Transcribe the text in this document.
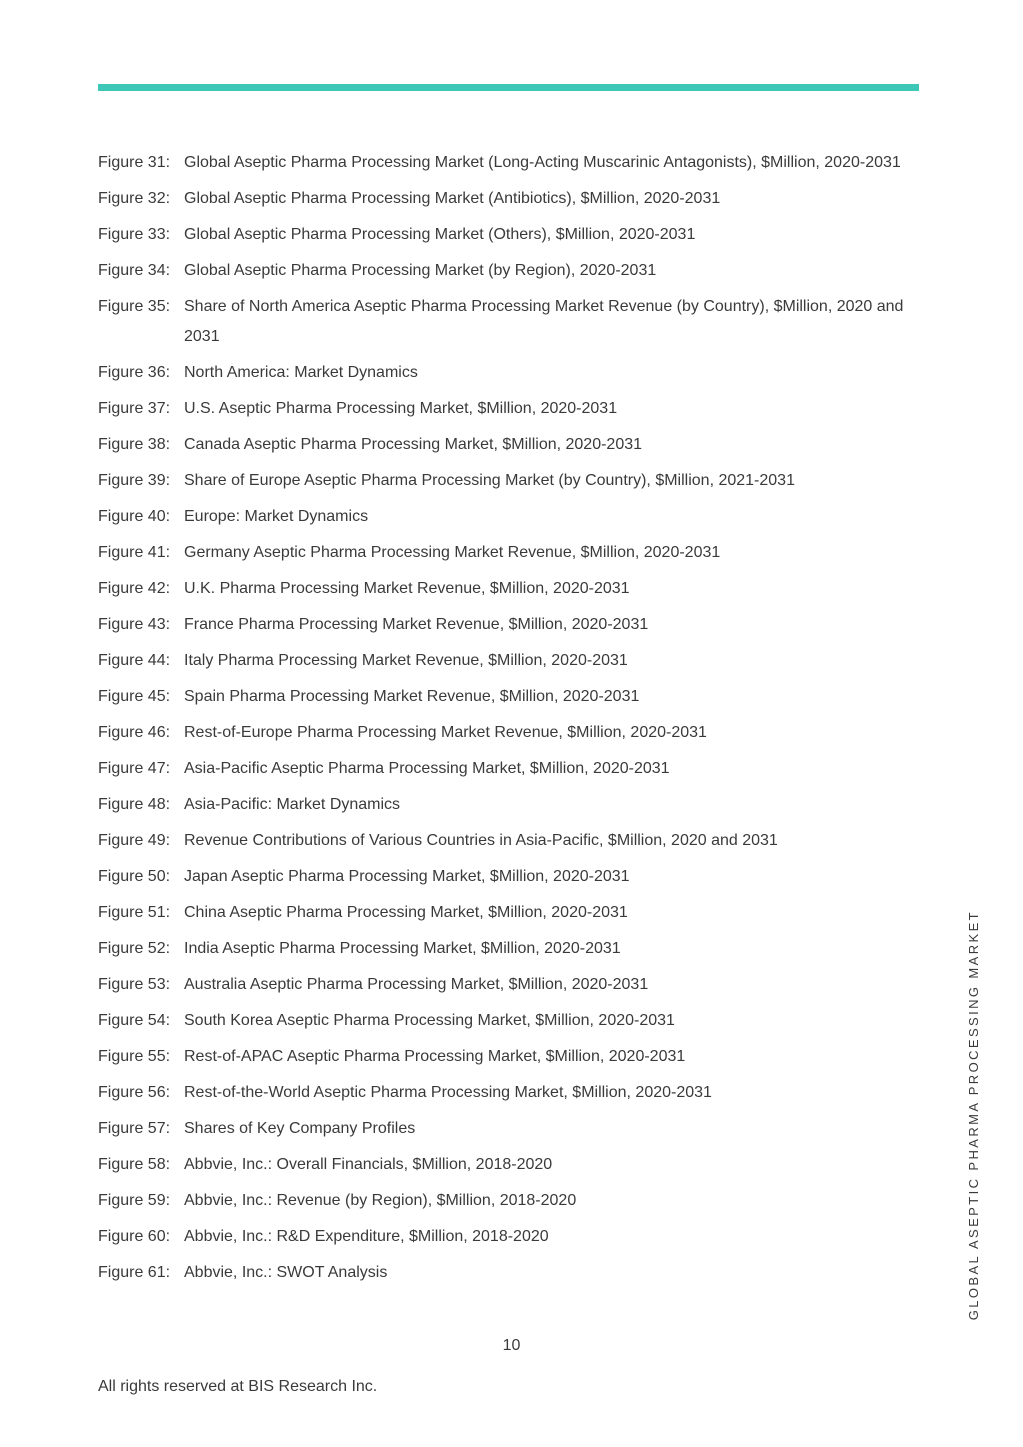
Figure 31: Global Aseptic Pharma Processing Market (Long-Acting Muscarinic Antagonists), $Million, 2020-2031
Figure 32: Global Aseptic Pharma Processing Market (Antibiotics), $Million, 2020-2031
Figure 33: Global Aseptic Pharma Processing Market (Others), $Million, 2020-2031
Figure 34: Global Aseptic Pharma Processing Market (by Region), 2020-2031
Figure 35: Share of North America Aseptic Pharma Processing Market Revenue (by Country), $Million, 2020 and 2031
Figure 36: North America: Market Dynamics
Figure 37: U.S. Aseptic Pharma Processing Market, $Million, 2020-2031
Figure 38: Canada Aseptic Pharma Processing Market, $Million, 2020-2031
Figure 39: Share of Europe Aseptic Pharma Processing Market (by Country), $Million, 2021-2031
Figure 40: Europe: Market Dynamics
Figure 41: Germany Aseptic Pharma Processing Market Revenue, $Million, 2020-2031
Figure 42: U.K. Pharma Processing Market Revenue, $Million, 2020-2031
Figure 43: France Pharma Processing Market Revenue, $Million, 2020-2031
Figure 44: Italy Pharma Processing Market Revenue, $Million, 2020-2031
Figure 45: Spain Pharma Processing Market Revenue, $Million, 2020-2031
Figure 46: Rest-of-Europe Pharma Processing Market Revenue, $Million, 2020-2031
Figure 47: Asia-Pacific Aseptic Pharma Processing Market, $Million, 2020-2031
Figure 48: Asia-Pacific: Market Dynamics
Figure 49: Revenue Contributions of Various Countries in Asia-Pacific, $Million, 2020 and 2031
Figure 50: Japan Aseptic Pharma Processing Market, $Million, 2020-2031
Figure 51: China Aseptic Pharma Processing Market, $Million, 2020-2031
Figure 52: India Aseptic Pharma Processing Market, $Million, 2020-2031
Figure 53: Australia Aseptic Pharma Processing Market, $Million, 2020-2031
Figure 54: South Korea Aseptic Pharma Processing Market, $Million, 2020-2031
Figure 55: Rest-of-APAC Aseptic Pharma Processing Market, $Million, 2020-2031
Figure 56: Rest-of-the-World Aseptic Pharma Processing Market, $Million, 2020-2031
Figure 57: Shares of Key Company Profiles
Figure 58: Abbvie, Inc.: Overall Financials, $Million, 2018-2020
Figure 59: Abbvie, Inc.: Revenue (by Region), $Million, 2018-2020
Figure 60: Abbvie, Inc.: R&D Expenditure, $Million, 2018-2020
Figure 61: Abbvie, Inc.: SWOT Analysis
10
All rights reserved at BIS Research Inc.
GLOBAL ASEPTIC PHARMA PROCESSING MARKET
